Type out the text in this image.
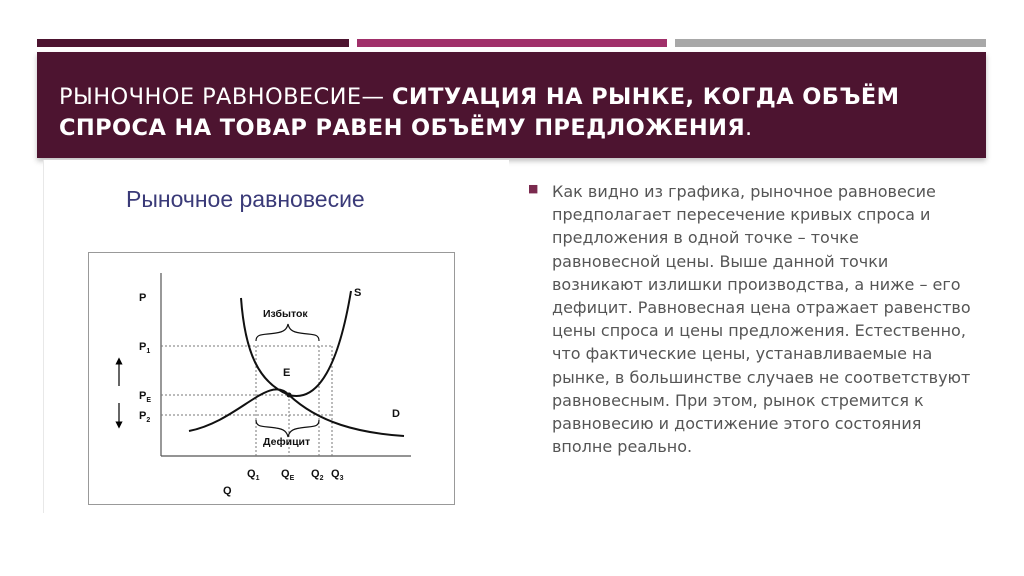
РЫНОЧНОЕ РАВНОВЕСИЕ— СИТУАЦИЯ НА РЫНКЕ, КОГДА ОБЪЁМ СПРОСА НА ТОВАР РАВЕН ОБЪЁМУ ПРЕДЛОЖЕНИЯ.
Рыночное равновесие
P
Q
S
D
E
Избыток
Дефицит
$P_1$
$P_E$
$P_2$
$Q_1$ $Q_E$ $Q_2$ $Q_3$
■ Как видно из графика, рыночное равновесие предполагает пересечение кривых спроса и предложения в одной точке – точке равновесной цены. Выше данной точки возникают излишки производства, а ниже – его дефицит. Равновесная цена отражает равенство цены спроса и цены предложения. Естественно, что фактические цены, устанавливаемые на рынке, в большинстве случаев не соответствуют равновесным. При этом, рынок стремится к равновесию и достижение этого состояния вполне реально.
